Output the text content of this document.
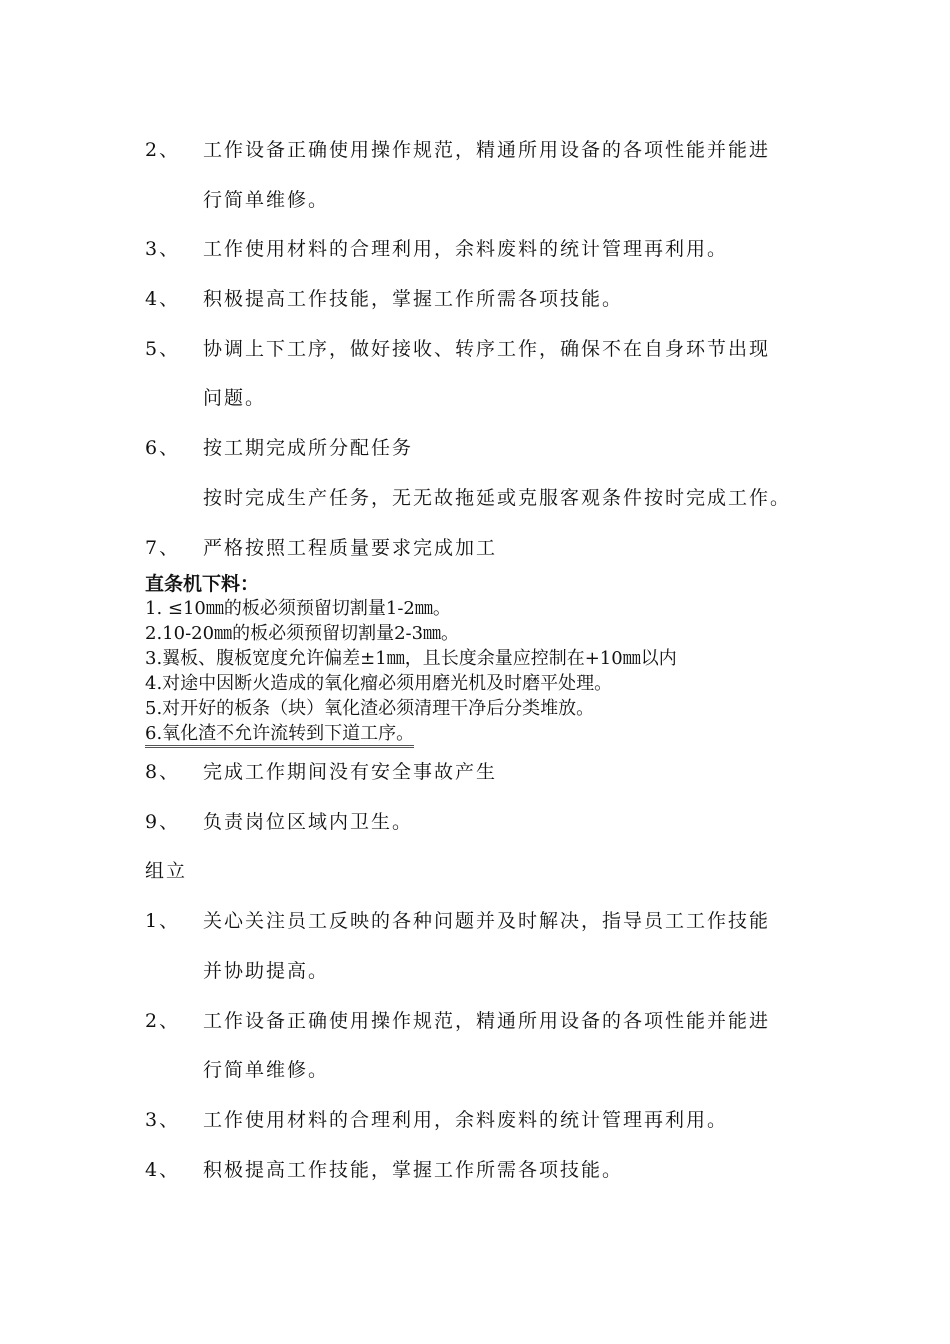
2、 工作设备正确使用操作规范，精通所用设备的各项性能并能进
行简单维修。
3、 工作使用材料的合理利用，余料废料的统计管理再利用。
4、 积极提高工作技能，掌握工作所需各项技能。
5、 协调上下工序，做好接收、转序工作，确保不在自身环节出现
问题。
6、 按工期完成所分配任务
按时完成生产任务，无无故拖延或克服客观条件按时完成工作。
7、 严格按照工程质量要求完成加工
直条机下料：
1. ≤10㎜的板必须预留切割量1-2㎜。
2.10-20㎜的板必须预留切割量2-3㎜。
3.翼板、腹板宽度允许偏差±1㎜，且长度余量应控制在+10㎜以内
4.对途中因断火造成的氧化瘤必须用磨光机及时磨平处理。
5.对开好的板条（块）氧化渣必须清理干净后分类堆放。
6.氧化渣不允许流转到下道工序。
8、 完成工作期间没有安全事故产生
9、 负责岗位区域内卫生。
组立
1、 关心关注员工反映的各种问题并及时解决，指导员工工作技能
并协助提高。
2、 工作设备正确使用操作规范，精通所用设备的各项性能并能进
行简单维修。
3、 工作使用材料的合理利用，余料废料的统计管理再利用。
4、 积极提高工作技能，掌握工作所需各项技能。
